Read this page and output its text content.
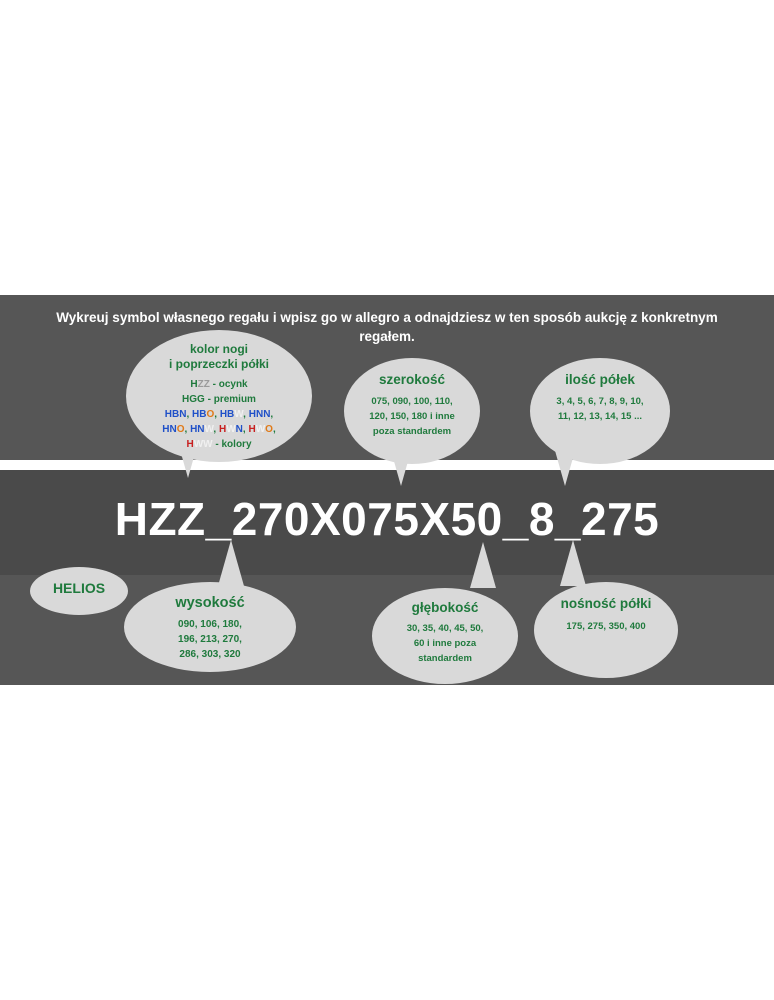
Wykreuj symbol własnego regału i wpisz go w allegro a odnajdziesz w ten sposób aukcję z konkretnym regałem.
HZZ_270X075X50_8_275
kolor nogi
i poprzeczki półki
HZZ - ocynk
HGG - premium
HBN, HBO, HBW, HNN,
HNO, HNW, HWN, HWO,
HWW - kolory
szerokość
075, 090, 100, 110,
120, 150, 180 i inne
poza standardem
ilość półek
3, 4, 5, 6, 7, 8, 9, 10,
11, 12, 13, 14, 15 ...
HELIOS
wysokość
090, 106, 180,
196, 213, 270,
286, 303, 320
głębokość
30, 35, 40, 45, 50,
60 i inne poza
standardem
nośność półki
175, 275, 350, 400
